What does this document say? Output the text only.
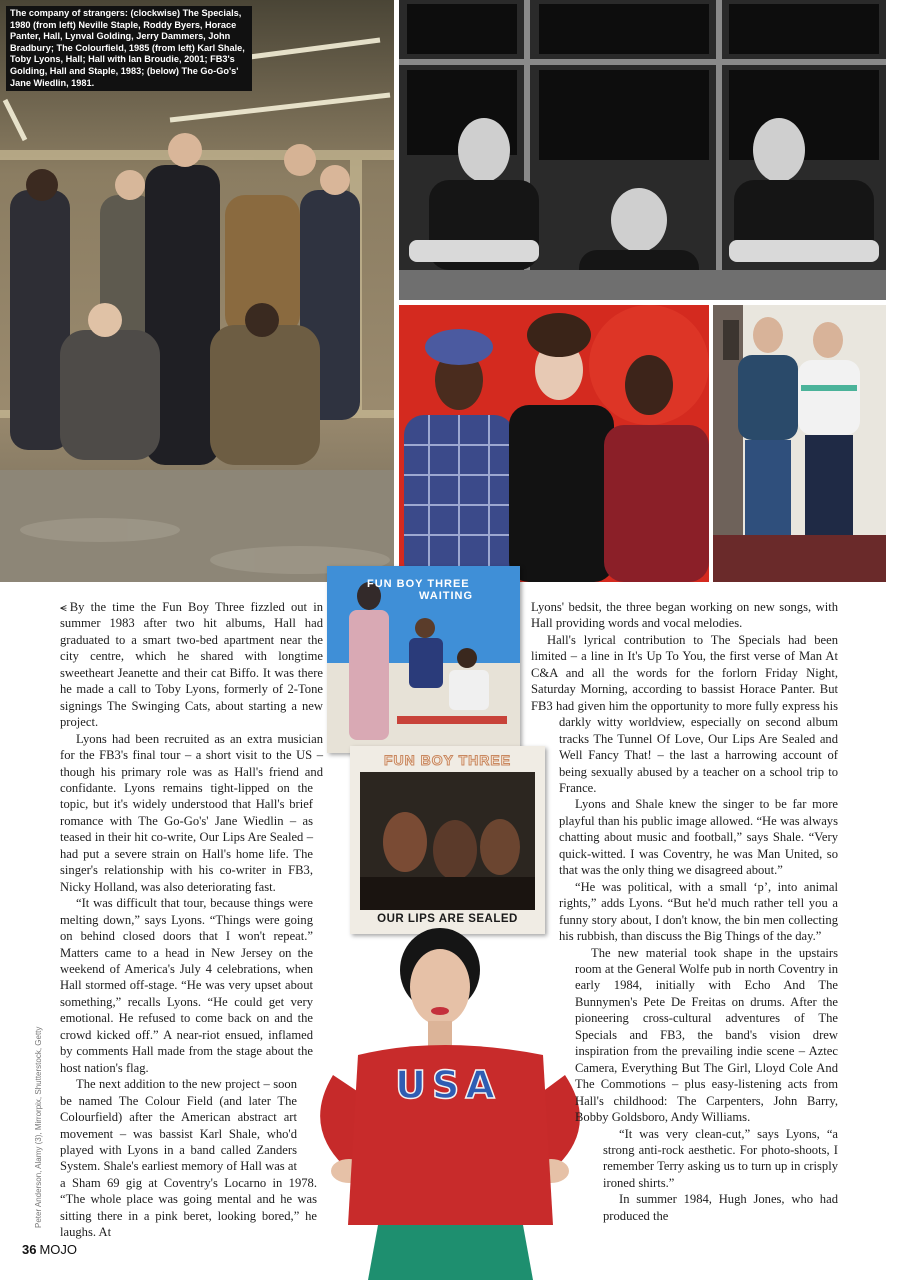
The company of strangers: (clockwise) The Specials, 1980 (from left) Neville Staple, Roddy Byers, Horace Panter, Hall, Lynval Golding, Jerry Dammers, John Bradbury; The Colourfield, 1985 (from left) Karl Shale, Toby Lyons, Hall; Hall with Ian Broudie, 2001; FB3's Golding, Hall and Staple, 1983; (below) The Go-Go's' Jane Wiedlin, 1981.
FUN BOY THREE
WAITING
FUN BOY THREE
OUR LIPS ARE SEALED
USA
Peter Anderson, Alamy (3), Mirrorpix, Shutterstock, Getty

⪪ By the time the Fun Boy Three fizzled out in summer 1983 after two hit albums, Hall had graduated to a smart two-bed apartment near the city centre, which he shared with longtime sweetheart Jeanette and their cat Biffo. It was there he made a call to Toby Lyons, formerly of 2-Tone signings The Swinging Cats, about starting a new project.

Lyons had been recruited as an extra musician for the FB3's final tour – a short visit to the US – though his primary role was as Hall's friend and confidante. Lyons remains tight-lipped on the topic, but it's widely understood that Hall's brief romance with The Go-Go's' Jane Wiedlin – as teased in their hit co-write, Our Lips Are Sealed – had put a severe strain on Hall's home life. The singer's relationship with his co-writer in FB3, Nicky Holland, was also deteriorating fast.

“It was difficult that tour, because things were melting down,” says Lyons. “Things were going on behind closed doors that I won't repeat.” Matters came to a head in New Jersey on the weekend of America's July 4 celebrations, when Hall stormed off-stage. “He was very upset about something,” recalls Lyons. “He could get very emotional. He refused to come back on and the crowd kicked off.” A near-riot ensued, inflamed by comments Hall made from the stage about the host nation's flag.

The next addition to the new project – soon be named The Colour Field (and later The Colourfield) after the American abstract art movement – was bassist Karl Shale, who'd played with Lyons in a band called Zanders System. Shale's earliest memory of Hall was at a Sham 69 gig at Coventry's Locarno in 1978. “The whole place was going mental and he was sitting there in a pink beret, looking bored,” he laughs. At

Lyons' bedsit, the three began working on new songs, with Hall providing words and vocal melodies.

Hall's lyrical contribution to The Specials had been limited – a line in It's Up To You, the first verse of Man At C&A and all the words for the forlorn Friday Night, Saturday Morning, according to bassist Horace Panter. But FB3 had given him the opportunity to more fully express his darkly witty worldview, especially on second album tracks The Tunnel Of Love, Our Lips Are Sealed and Well Fancy That! – the last a harrowing account of being sexually abused by a teacher on a school trip to France.

Lyons and Shale knew the singer to be far more playful than his public image allowed. “He was always chatting about music and football,” says Shale. “Very quick-witted. I was Coventry, he was Man United, so that was the only thing we disagreed about.”

“He was political, with a small ‘p’, into animal rights,” adds Lyons. “But he'd much rather tell you a funny story about, I don't know, the bin men collecting his rubbish, than discuss the Big Things of the day.”

The new material took shape in the upstairs room at the General Wolfe pub in north Coventry in early 1984, initially with Echo And The Bunnymen's Pete De Freitas on drums. After the pioneering cross-cultural adventures of The Specials and FB3, the band's vision drew inspiration from the prevailing indie scene – Aztec Camera, Everything But The Girl, Lloyd Cole And The Commotions – plus easy-listening acts from Hall's childhood: The Carpenters, John Barry, Bobby Goldsboro, Andy Williams.

“It was very clean-cut,” says Lyons, “a strong anti-rock aesthetic. For photo-shoots, I remember Terry asking us to turn up in crisply ironed shirts.”

In summer 1984, Hugh Jones, who had produced the

36 MOJO
